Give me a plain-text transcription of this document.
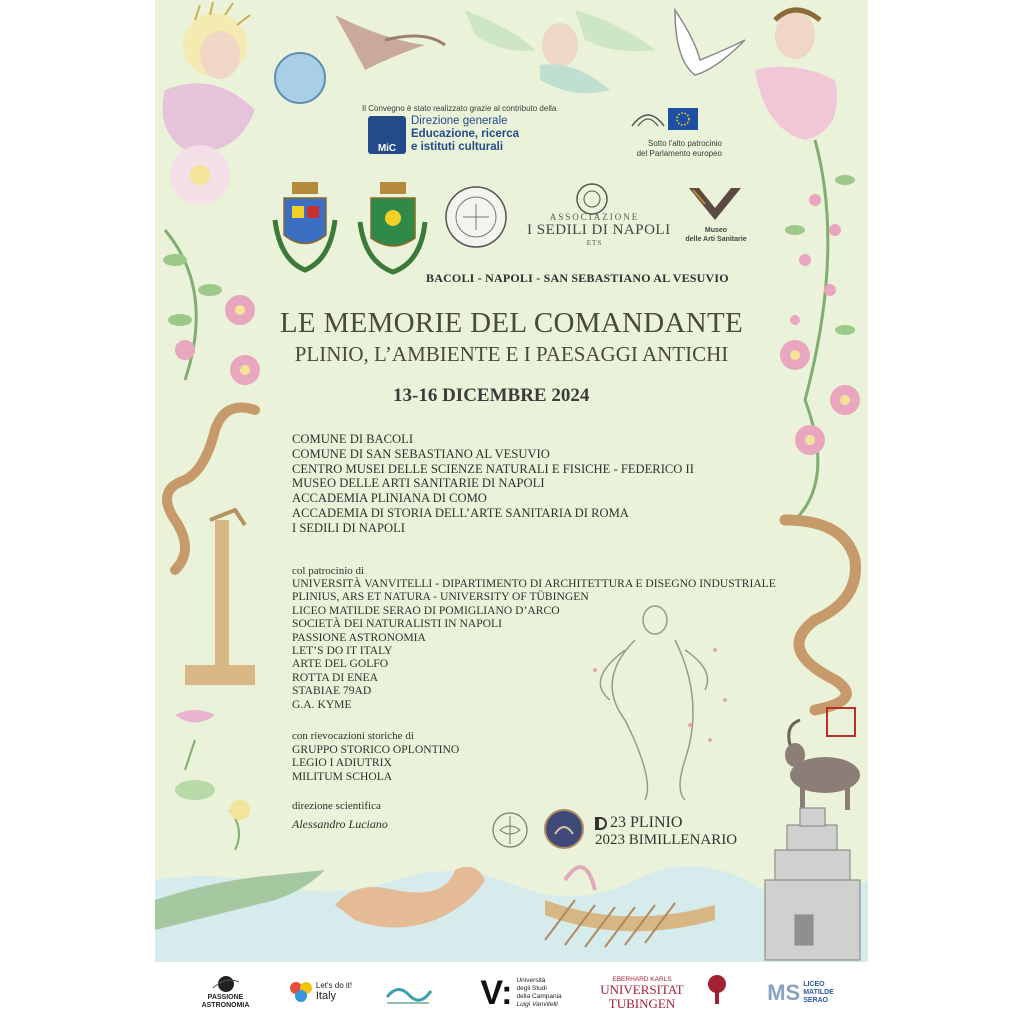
Il Convegno è stato realizzato grazie al contributo della

MiC
Direzione generale
Educazione, ricerca
e istituti culturali	Sotto l'alto patrocinio
del Parlamento europeo

ASSOCIAZIONE
I SEDILI DI NAPOLI
ETS
Museo
delle Arti Sanitarie

BACOLI - NAPOLI - SAN SEBASTIANO AL VESUVIO

LE MEMORIE DEL COMANDANTE

PLINIO, L’AMBIENTE E I PAESAGGI ANTICHI

13-16 DICEMBRE 2024

COMUNE DI BACOLI
COMUNE DI SAN SEBASTIANO AL VESUVIO
CENTRO MUSEI DELLE SCIENZE NATURALI E FISICHE - FEDERICO II
MUSEO DELLE ARTI SANITARIE DI NAPOLI
ACCADEMIA PLINIANA DI COMO
ACCADEMIA DI STORIA DELL’ARTE SANITARIA DI ROMA
I SEDILI DI NAPOLI

col patrocinio di

UNIVERSITÀ VANVITELLI - DIPARTIMENTO DI ARCHITETTURA E DISEGNO INDUSTRIALE
PLINIUS, ARS ET NATURA - UNIVERSITY OF TÜBINGEN
LICEO MATILDE SERAO DI POMIGLIANO D’ARCO
SOCIETÀ DEI NATURALISTI IN NAPOLI
PASSIONE ASTRONOMIA
LET’S DO IT ITALY
ARTE DEL GOLFO
ROTTA DI ENEA
STABIAE 79AD
G.A. KYME

con rievocazioni storiche di

GRUPPO STORICO OPLONTINO
LEGIO I ADIUTRIX
MILITUM SCHOLA

direzione scientifica

Alessandro Luciano	23 PLINIO
2023 BIMILLENARIO
PASSIONE
ASTRONOMIA
Let's do it!
Italy	V: Università
degli Studi
della Campania
Luigi Vanvitelli
EBERHARD KARLS
UNIVERSITAT
TUBINGEN	MS LICEO
MATILDE
SERAO
